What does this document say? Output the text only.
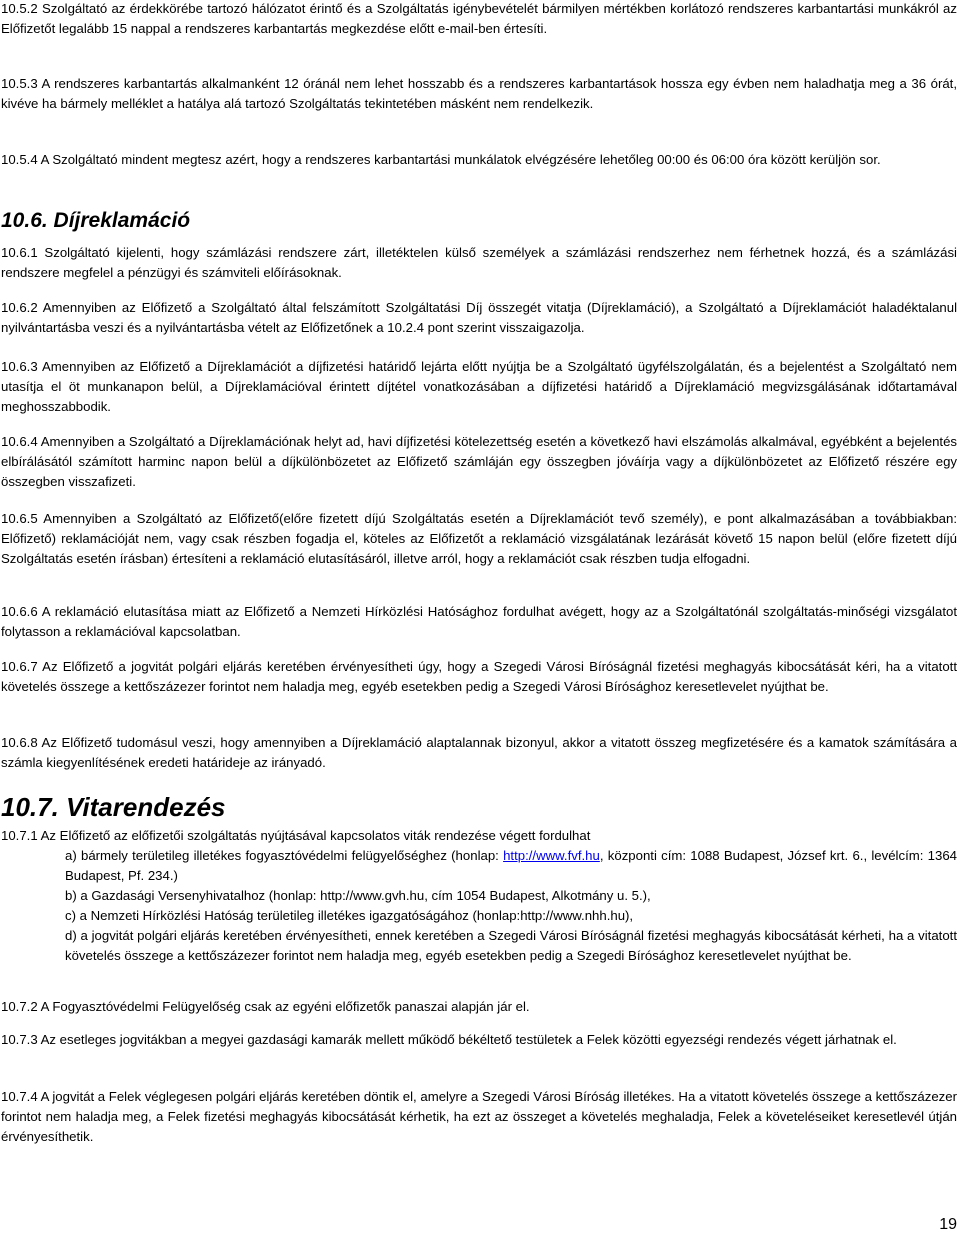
10.5.2 Szolgáltató az érdekkörébe tartozó hálózatot érintő és a Szolgáltatás igénybevételét bármilyen mértékben korlátozó rendszeres karbantartási munkákról az Előfizetőt legalább 15 nappal a rendszeres karbantartás megkezdése előtt e-mail-ben értesíti.

10.5.3 A rendszeres karbantartás alkalmanként 12 óránál nem lehet hosszabb és a rendszeres karbantartások hossza egy évben nem haladhatja meg a 36 órát, kivéve ha bármely melléklet a hatálya alá tartozó Szolgáltatás tekintetében másként nem rendelkezik.

10.5.4 A Szolgáltató mindent megtesz azért, hogy a rendszeres karbantartási munkálatok elvégzésére lehetőleg 00:00 és 06:00 óra között kerüljön sor.

10.6. Díjreklamáció

10.6.1 Szolgáltató kijelenti, hogy számlázási rendszere zárt, illetéktelen külső személyek a számlázási rendszerhez nem férhetnek hozzá, és a számlázási rendszere megfelel a pénzügyi és számviteli előírásoknak.

10.6.2 Amennyiben az Előfizető a Szolgáltató által felszámított Szolgáltatási Díj összegét vitatja (Díjreklamáció), a Szolgáltató a Díjreklamációt haladéktalanul nyilvántartásba veszi és a nyilvántartásba vételt az Előfizetőnek a 10.2.4 pont szerint visszaigazolja.

10.6.3 Amennyiben az Előfizető a Díjreklamációt a díjfizetési határidő lejárta előtt nyújtja be a Szolgáltató ügyfélszolgálatán, és a bejelentést a Szolgáltató nem utasítja el öt munkanapon belül, a Díjreklamációval érintett díjtétel vonatkozásában a díjfizetési határidő a Díjreklamáció megvizsgálásának időtartamával meghosszabbodik.

10.6.4 Amennyiben a Szolgáltató a Díjreklamációnak helyt ad, havi díjfizetési kötelezettség esetén a következő havi elszámolás alkalmával, egyébként a bejelentés elbírálásától számított harminc napon belül a díjkülönbözetet az Előfizető számláján egy összegben jóváírja vagy a díjkülönbözetet az Előfizető részére egy összegben visszafizeti.

10.6.5 Amennyiben a Szolgáltató az Előfizető(előre fizetett díjú Szolgáltatás esetén a Díjreklamációt tevő személy), e pont alkalmazásában a továbbiakban: Előfizető) reklamációját nem, vagy csak részben fogadja el, köteles az Előfizetőt a reklamáció vizsgálatának lezárását követő 15 napon belül (előre fizetett díjú Szolgáltatás esetén írásban) értesíteni a reklamáció elutasításáról, illetve arról, hogy a reklamációt csak részben tudja elfogadni.

10.6.6 A reklamáció elutasítása miatt az Előfizető a Nemzeti Hírközlési Hatósághoz fordulhat avégett, hogy az a Szolgáltatónál szolgáltatás-minőségi vizsgálatot folytasson a reklamációval kapcsolatban.

10.6.7 Az Előfizető a jogvitát polgári eljárás keretében érvényesítheti úgy, hogy a Szegedi Városi Bíróságnál fizetési meghagyás kibocsátását kéri, ha a vitatott követelés összege a kettőszázezer forintot nem haladja meg, egyéb esetekben pedig a Szegedi Városi Bírósághoz keresetlevelet nyújthat be.

10.6.8 Az Előfizető tudomásul veszi, hogy amennyiben a Díjreklamáció alaptalannak bizonyul, akkor a vitatott összeg megfizetésére és a kamatok számítására a számla kiegyenlítésének eredeti határideje az irányadó.

10.7. Vitarendezés

10.7.1 Az Előfizető az előfizetői szolgáltatás nyújtásával kapcsolatos viták rendezése végett fordulhat

a) bármely területileg illetékes fogyasztóvédelmi felügyelőséghez (honlap: http://www.fvf.hu, központi cím: 1088 Budapest, József krt. 6., levélcím: 1364 Budapest, Pf. 234.)

b) a Gazdasági Versenyhivatalhoz (honlap: http://www.gvh.hu, cím 1054 Budapest, Alkotmány u. 5.),

c) a Nemzeti Hírközlési Hatóság területileg illetékes igazgatóságához (honlap:http://www.nhh.hu),

d) a jogvitát polgári eljárás keretében érvényesítheti, ennek keretében a Szegedi Városi Bíróságnál fizetési meghagyás kibocsátását kérheti, ha a vitatott követelés összege a kettőszázezer forintot nem haladja meg, egyéb esetekben pedig a Szegedi Bírósághoz keresetlevelet nyújthat be.

10.7.2 A Fogyasztóvédelmi Felügyelőség csak az egyéni előfizetők panaszai alapján jár el.

10.7.3 Az esetleges jogvitákban a megyei gazdasági kamarák mellett működő békéltető testületek a Felek közötti egyezségi rendezés végett járhatnak el.

10.7.4 A jogvitát a Felek véglegesen polgári eljárás keretében döntik el, amelyre a Szegedi Városi Bíróság illetékes. Ha a vitatott követelés összege a kettőszázezer forintot nem haladja meg, a Felek fizetési meghagyás kibocsátását kérhetik, ha ezt az összeget a követelés meghaladja, Felek a követeléseiket keresetlevél útján érvényesíthetik.

19
